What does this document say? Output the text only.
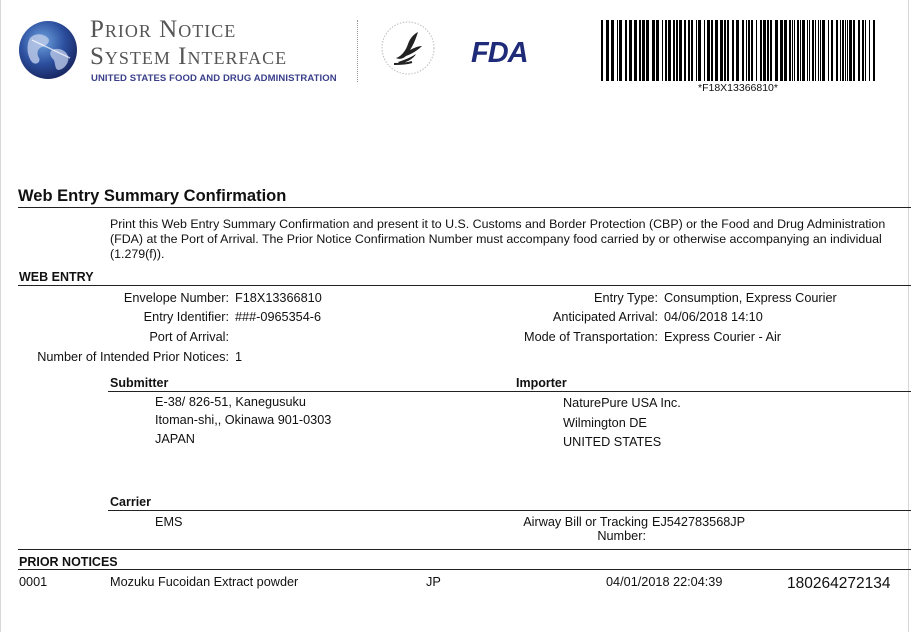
Prior Notice
System Interface
UNITED STATES FOOD AND DRUG ADMINISTRATION
FDA
*F18X13366810*
Web Entry Summary Confirmation
Print this Web Entry Summary Confirmation and present it to U.S. Customs and Border Protection (CBP) or the Food and Drug Administration (FDA) at the Port of Arrival. The Prior Notice Confirmation Number must accompany food carried by or otherwise accompanying an individual (1.279(f)).
WEB ENTRY
Envelope Number: F18X13366810
Entry Identifier: ###-0965354-6
Port of Arrival:
Number of Intended Prior Notices: 1
Entry Type: Consumption, Express Courier
Anticipated Arrival: 04/06/2018 14:10
Mode of Transportation: Express Courier - Air
Submitter	Importer
E-38/ 826-51, Kanegusuku
Itoman-shi,, Okinawa 901-0303
JAPAN
NaturePure USA Inc.
Wilmington DE
UNITED STATES
Carrier
EMS	Airway Bill or Tracking
Number:
EJ542783568JP
PRIOR NOTICES
0001	Mozuku Fucoidan Extract powder	JP	04/01/2018 22:04:39	180264272134
